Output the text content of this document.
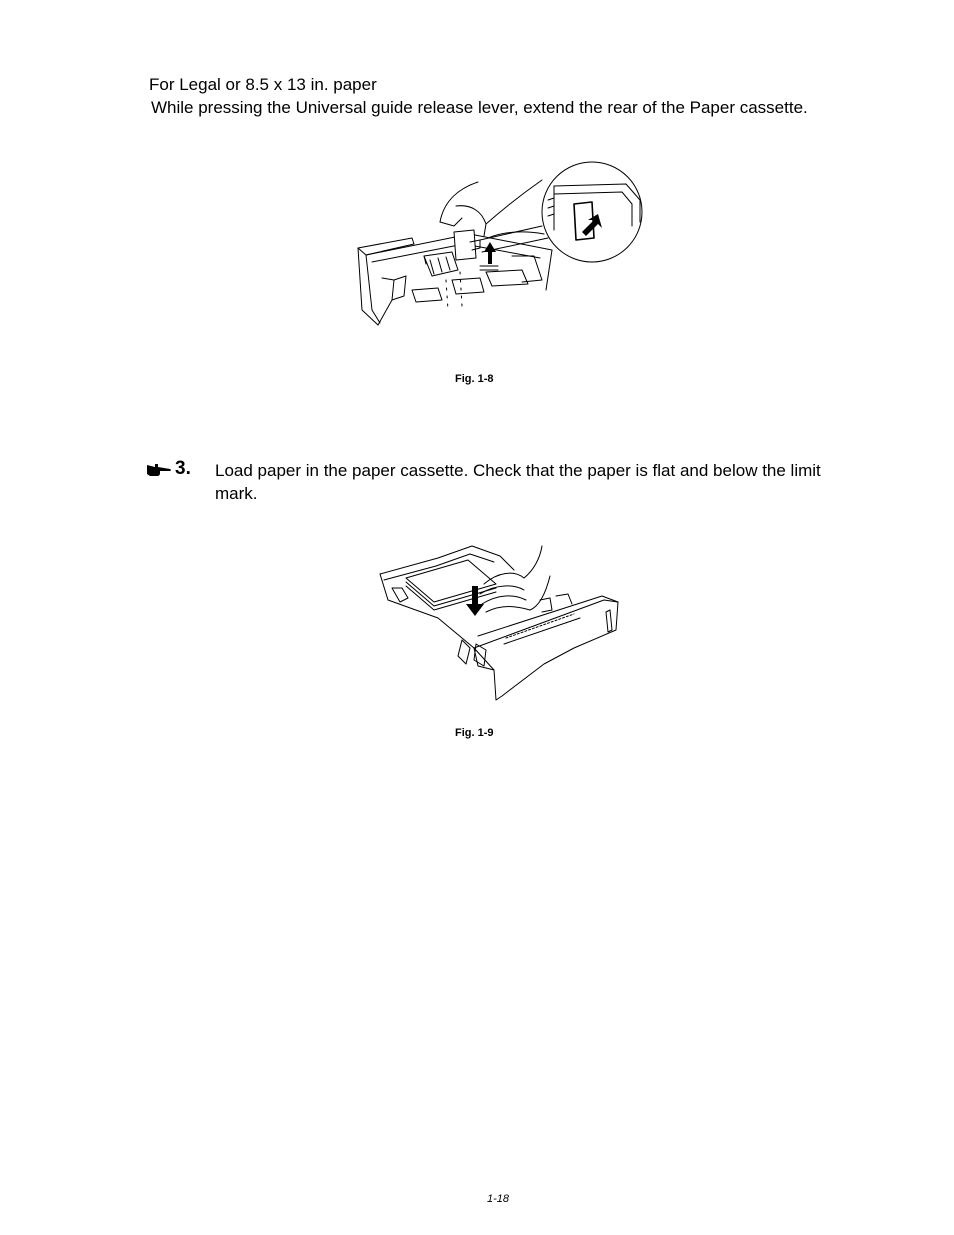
For Legal or 8.5 x 13 in. paper
While pressing the Universal guide release lever, extend the rear of the Paper cassette.
Fig. 1-8
3. Load paper in the paper cassette. Check that the paper is flat and below the limit mark.
Fig. 1-9
1-18
